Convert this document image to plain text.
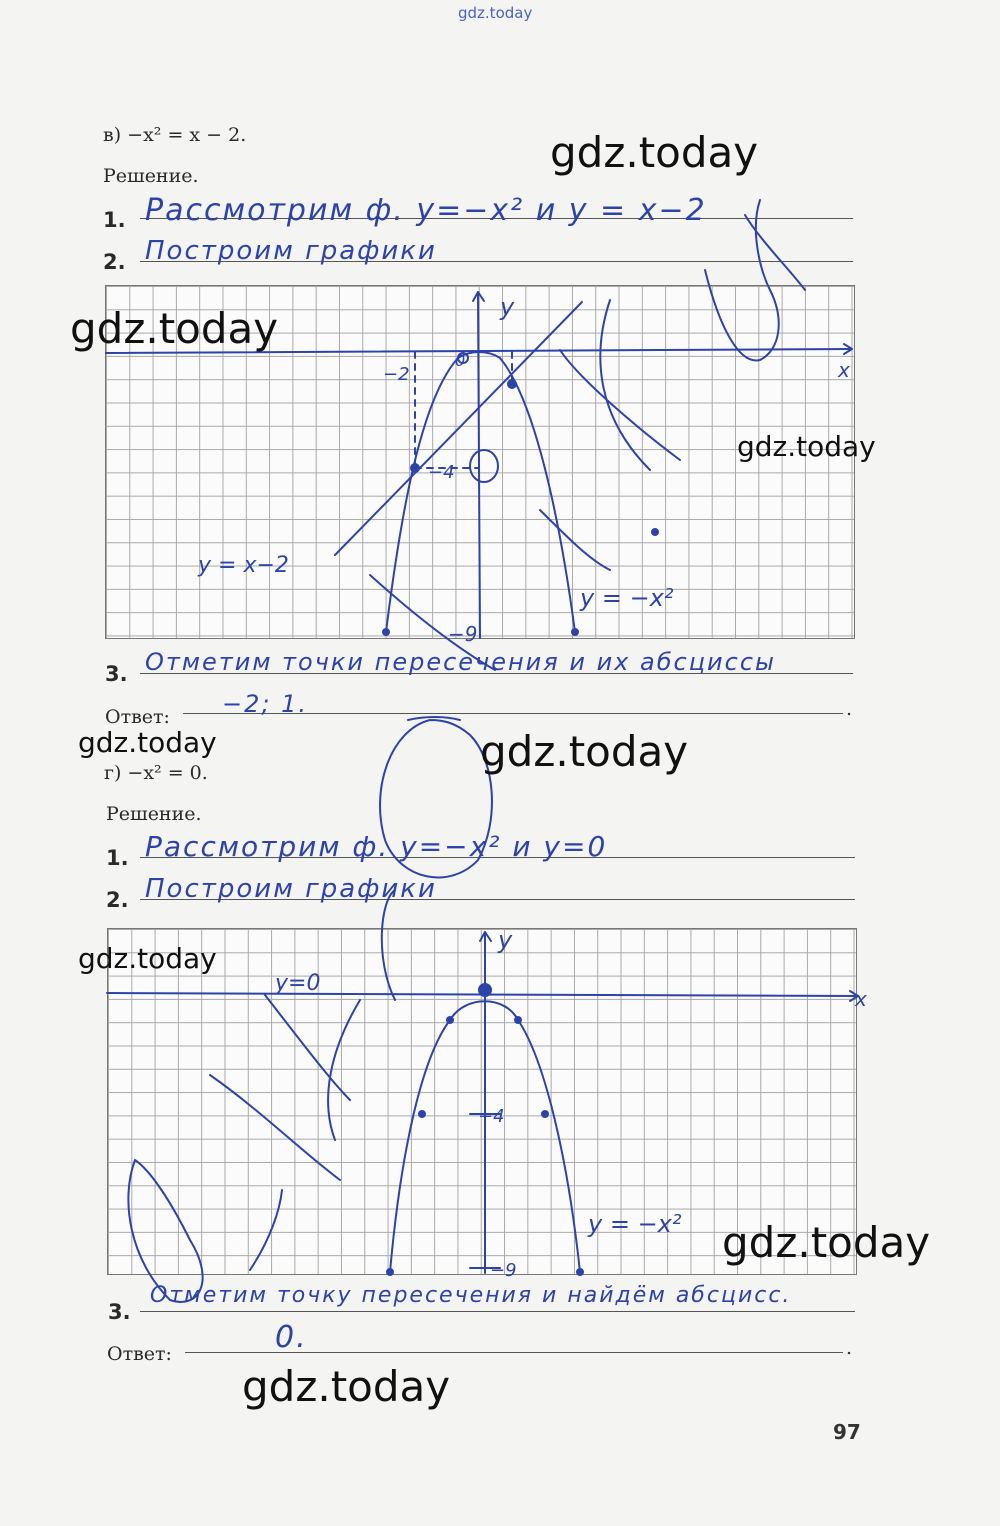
gdz.today
в) −x² = x − 2.
Решение.
1. Рассмотрим ф. y=−x² и y = x−2
2. Построим графики
3. Отметим точки пересечения и их абсциссы
Ответ:	.
−2; 1.
г) −x² = 0.
Решение.
1. Рассмотрим ф. y=−x² и y=0
2. Построим графики
3.
Отметим точку пересечения и найдём абсцисс.
Ответ:	.
0.
97
y
x
−2
0
−4
−9
y = x−2
y = −x²
y
x
y=0
−4
−9
y = −x²
gdz.today
gdz.today
gdz.today
gdz.today	gdz.today
gdz.today
gdz.today
gdz.today
